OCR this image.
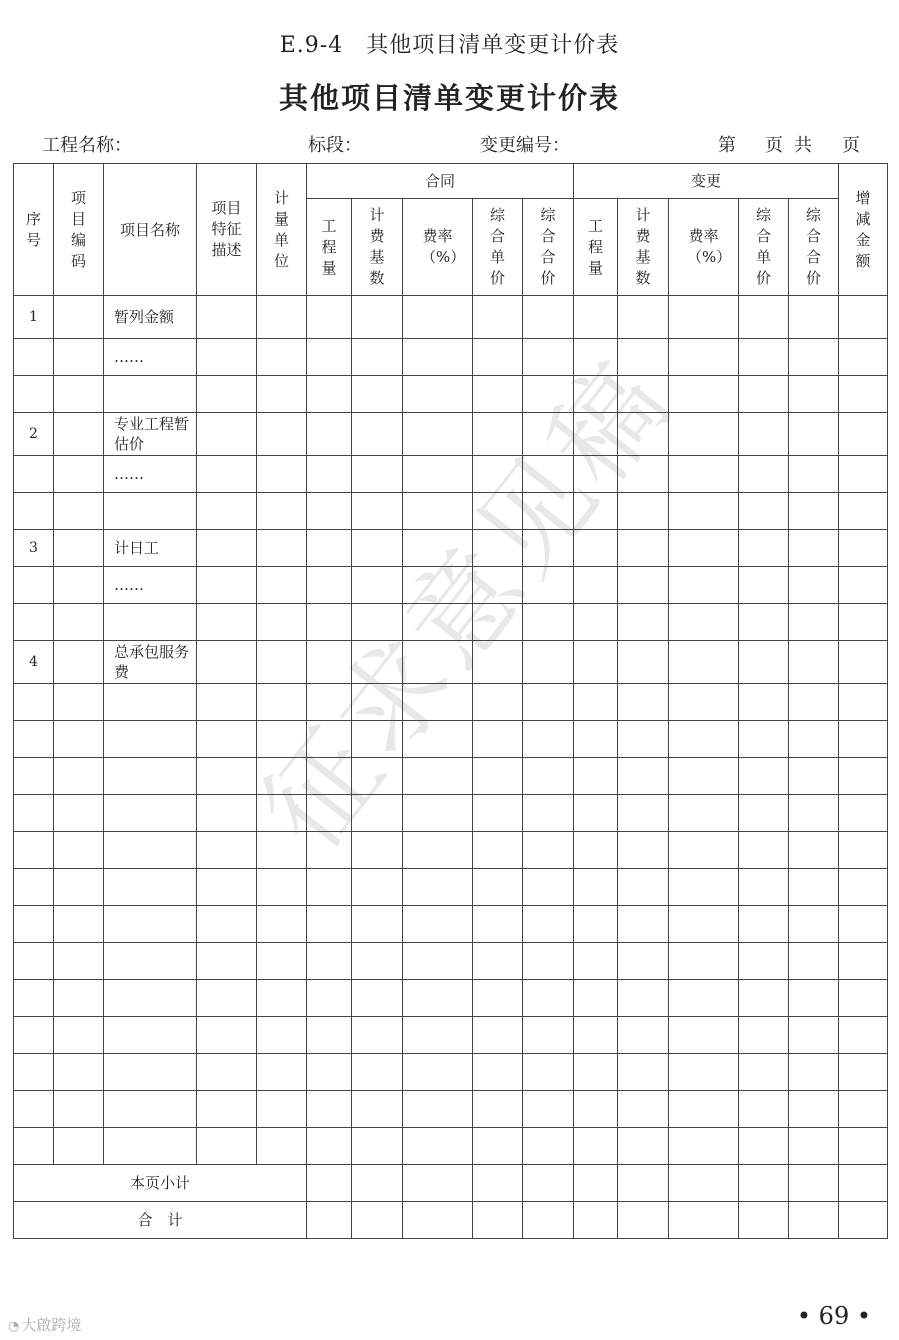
E.9-4　其他项目清单变更计价表
其他项目清单变更计价表
工程名称：	标段：	变更编号：	第 页 共 页
征求意见稿
序号	项目编码	项目名称	项目特征描述	计量单位	合同					变更					增减金额
					工程量	计费基数	费率（%）	综合单价	综合合价	工程量	计费基数	费率（%）	综合单价	综合合价	
1		暂列金额													
		……													

2		专业工程暂估价													
		……													

3		计日工													
		……													

4		总承包服务费													

本页小计															
合　计															
◔ 大啟跨境	• 69 •
